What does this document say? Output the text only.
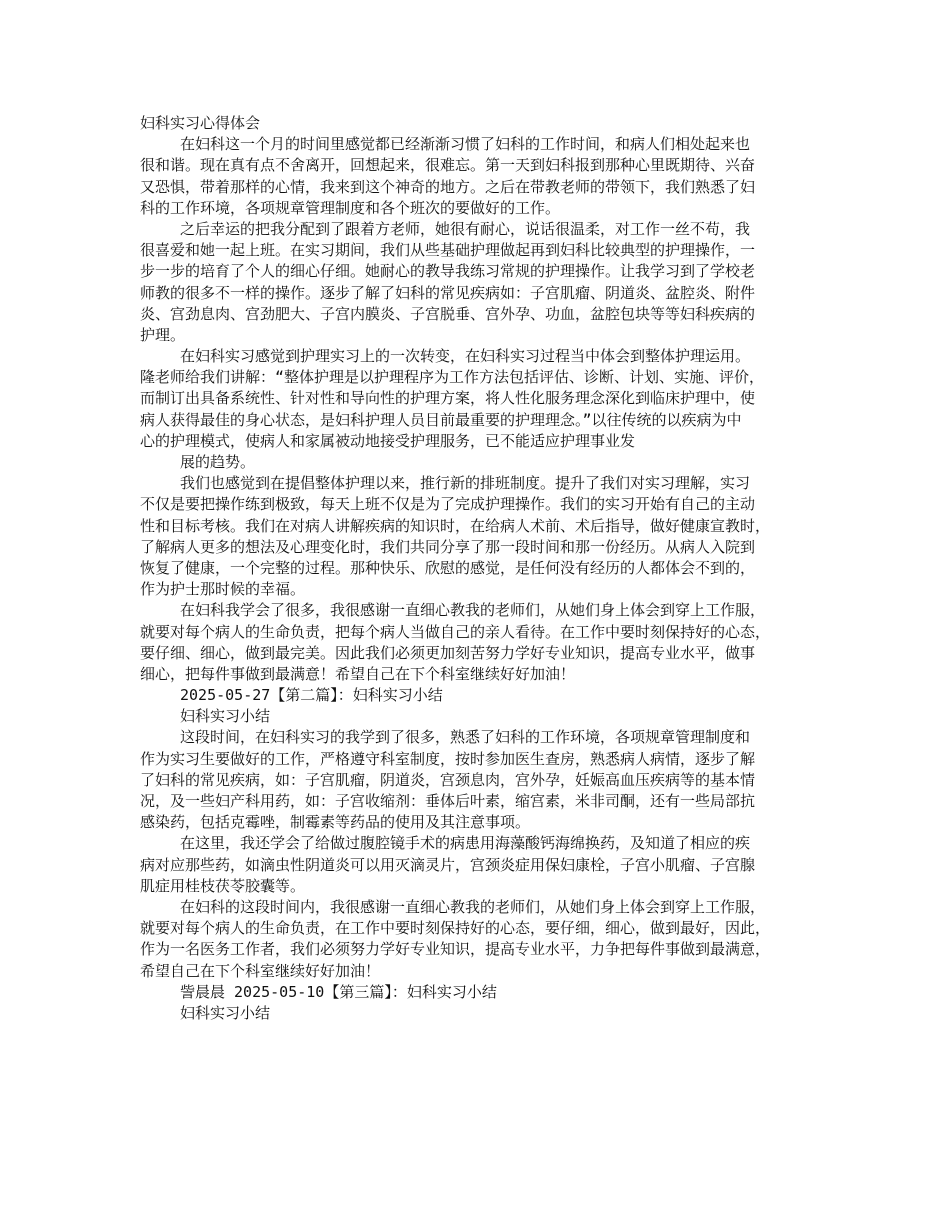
妇科实习心得体会
在妇科这一个月的时间里感觉都已经渐渐习惯了妇科的工作时间，和病人们相处起来也
很和谐。现在真有点不舍离开，回想起来，很难忘。第一天到妇科报到那种心里既期待、兴奋
又恐惧，带着那样的心情，我来到这个神奇的地方。之后在带教老师的带领下，我们熟悉了妇
科的工作环境，各项规章管理制度和各个班次的要做好的工作。
之后幸运的把我分配到了跟着方老师，她很有耐心，说话很温柔，对工作一丝不苟，我
很喜爱和她一起上班。在实习期间，我们从些基础护理做起再到妇科比较典型的护理操作，一
步一步的培育了个人的细心仔细。她耐心的教导我练习常规的护理操作。让我学习到了学校老
师教的很多不一样的操作。逐步了解了妇科的常见疾病如：子宫肌瘤、阴道炎、盆腔炎、附件
炎、宫劲息肉、宫劲肥大、子宫内膜炎、子宫脱垂、宫外孕、功血，盆腔包块等等妇科疾病的
护理。
在妇科实习感觉到护理实习上的一次转变，在妇科实习过程当中体会到整体护理运用。
隆老师给我们讲解：“整体护理是以护理程序为工作方法包括评估、诊断、计划、实施、评价，
而制订出具备系统性、针对性和导向性的护理方案，将人性化服务理念深化到临床护理中，使
病人获得最佳的身心状态，是妇科护理人员目前最重要的护理理念。”以往传统的以疾病为中
心的护理模式，使病人和家属被动地接受护理服务，已不能适应护理事业发
展的趋势。
我们也感觉到在提倡整体护理以来，推行新的排班制度。提升了我们对实习理解，实习
不仅是要把操作练到极致，每天上班不仅是为了完成护理操作。我们的实习开始有自己的主动
性和目标考核。我们在对病人讲解疾病的知识时，在给病人术前、术后指导，做好健康宣教时，
了解病人更多的想法及心理变化时，我们共同分享了那一段时间和那一份经历。从病人入院到
恢复了健康，一个完整的过程。那种快乐、欣慰的感觉，是任何没有经历的人都体会不到的，
作为护士那时候的幸福。
在妇科我学会了很多，我很感谢一直细心教我的老师们，从她们身上体会到穿上工作服，
就要对每个病人的生命负责，把每个病人当做自己的亲人看待。在工作中要时刻保持好的心态，
要仔细、细心，做到最完美。因此我们必须更加刻苦努力学好专业知识，提高专业水平，做事
细心，把每件事做到最满意！希望自己在下个科室继续好好加油！
2025-05-27【第二篇】：妇科实习小结
妇科实习小结
这段时间，在妇科实习的我学到了很多，熟悉了妇科的工作环境，各项规章管理制度和
作为实习生要做好的工作，严格遵守科室制度，按时参加医生查房，熟悉病人病情，逐步了解
了妇科的常见疾病，如：子宫肌瘤，阴道炎，宫颈息肉，宫外孕，妊娠高血压疾病等的基本情
况，及一些妇产科用药，如：子宫收缩剂：垂体后叶素，缩宫素，米非司酮，还有一些局部抗
感染药，包括克霉唑，制霉素等药品的使用及其注意事项。
在这里，我还学会了给做过腹腔镜手术的病患用海藻酸钙海绵换药，及知道了相应的疾
病对应那些药，如滴虫性阴道炎可以用灭滴灵片，宫颈炎症用保妇康栓，子宫小肌瘤、子宫腺
肌症用桂枝茯苓胶囊等。
在妇科的这段时间内，我很感谢一直细心教我的老师们，从她们身上体会到穿上工作服，
就要对每个病人的生命负责，在工作中要时刻保持好的心态，要仔细，细心，做到最好，因此，
作为一名医务工作者，我们必须努力学好专业知识，提高专业水平，力争把每件事做到最满意，
希望自己在下个科室继续好好加油！
訾晨晨 2025-05-10【第三篇】：妇科实习小结
妇科实习小结
